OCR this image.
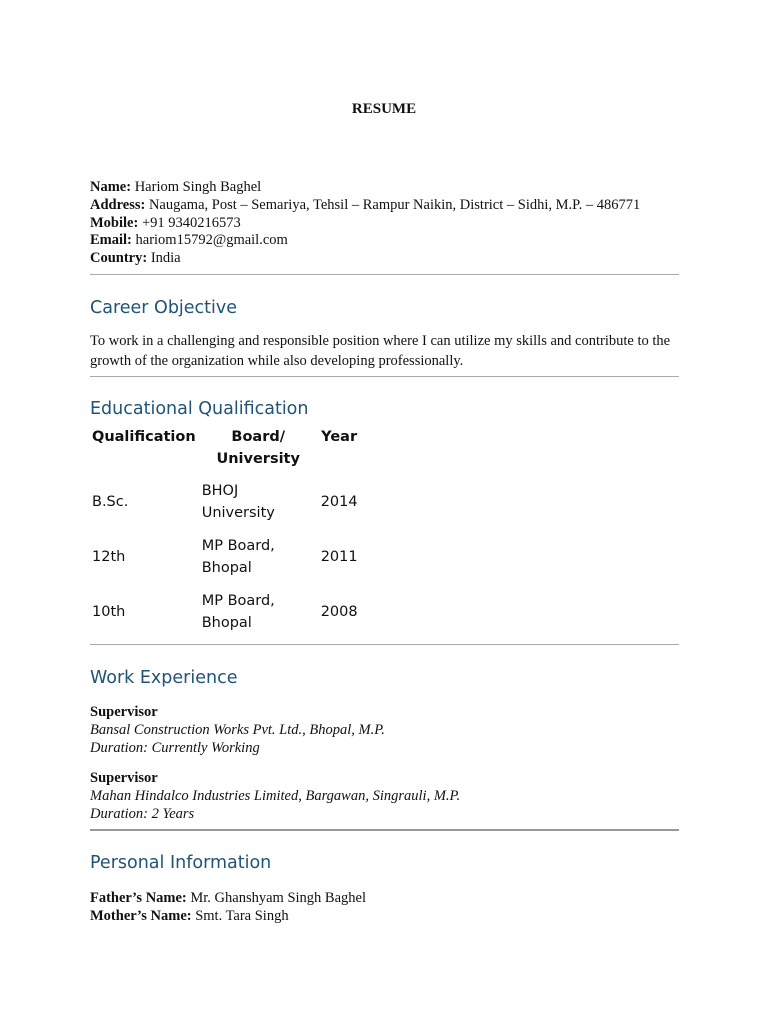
RESUME
Name: Hariom Singh Baghel
Address: Naugama, Post – Semariya, Tehsil – Rampur Naikin, District – Sidhi, M.P. – 486771
Mobile: +91 9340216573
Email: hariom15792@gmail.com
Country: India
Career Objective

To work in a challenging and responsible position where I can utilize my skills and contribute to the growth of the organization while also developing professionally.

Educational Qualification
Qualification	Board/ University	Year
B.Sc.	BHOJ University	2014
12th	MP Board, Bhopal	2011
10th	MP Board, Bhopal	2008
Work Experience
Supervisor
Bansal Construction Works Pvt. Ltd., Bhopal, M.P.
Duration: Currently Working
Supervisor
Mahan Hindalco Industries Limited, Bargawan, Singrauli, M.P.
Duration: 2 Years
Personal Information
Father’s Name: Mr. Ghanshyam Singh Baghel
Mother’s Name: Smt. Tara Singh
